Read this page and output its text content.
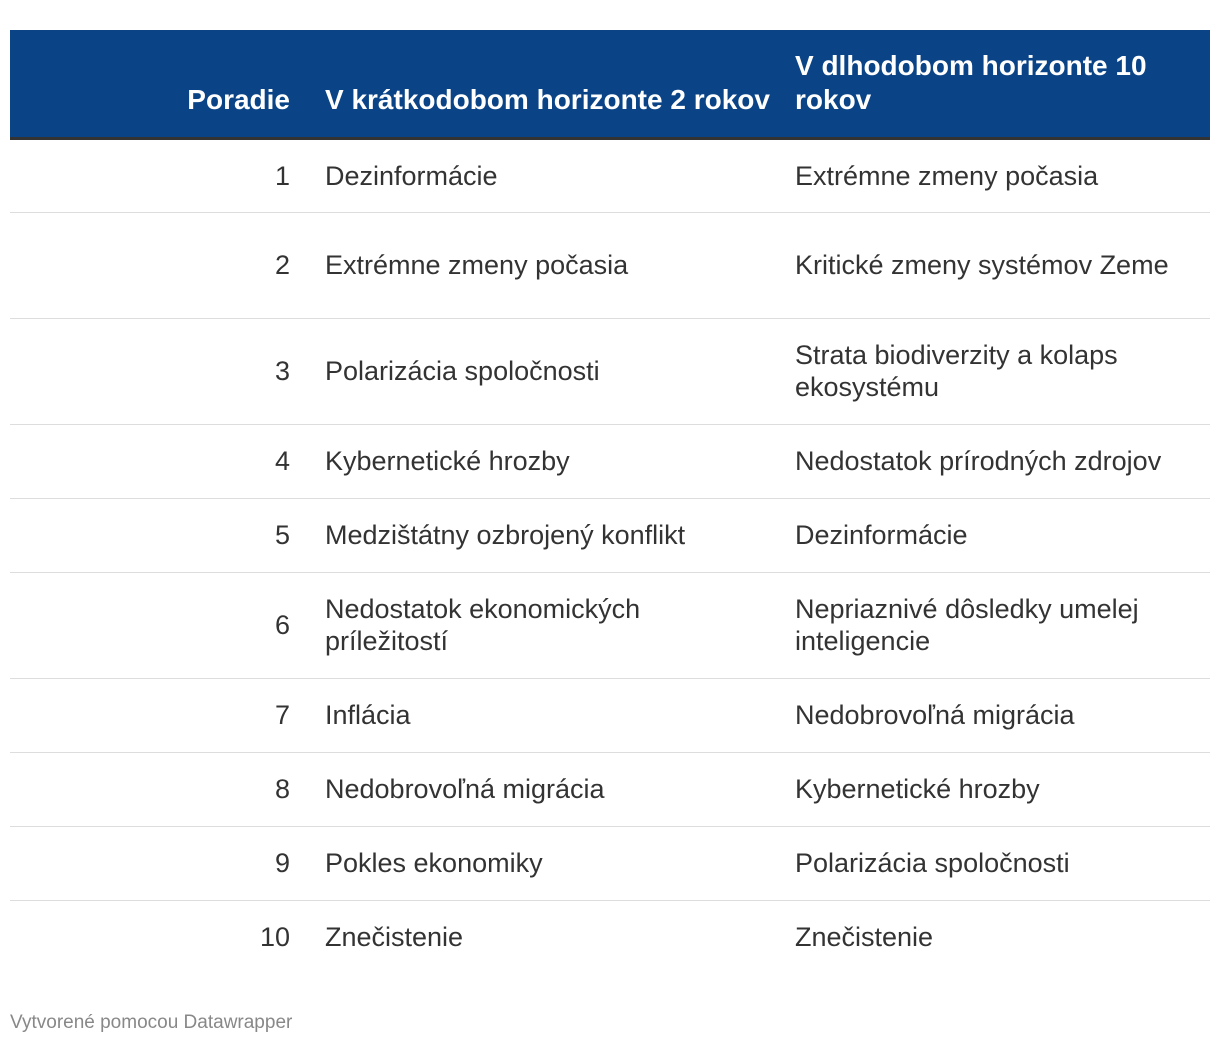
Poradie	V krátkodobom horizonte 2 rokov	V dlhodobom horizonte 10 rokov
1	Dezinformácie	Extrémne zmeny počasia
2	Extrémne zmeny počasia	Kritické zmeny systémov Zeme
3	Polarizácia spoločnosti	Strata biodiverzity a kolaps ekosystému
4	Kybernetické hrozby	Nedostatok prírodných zdrojov
5	Medzištátny ozbrojený konflikt	Dezinformácie
6	Nedostatok ekonomických príležitostí	Nepriaznivé dôsledky umelej inteligencie
7	Inflácia	Nedobrovoľná migrácia
8	Nedobrovoľná migrácia	Kybernetické hrozby
9	Pokles ekonomiky	Polarizácia spoločnosti
10	Znečistenie	Znečistenie
Vytvorené pomocou Datawrapper
